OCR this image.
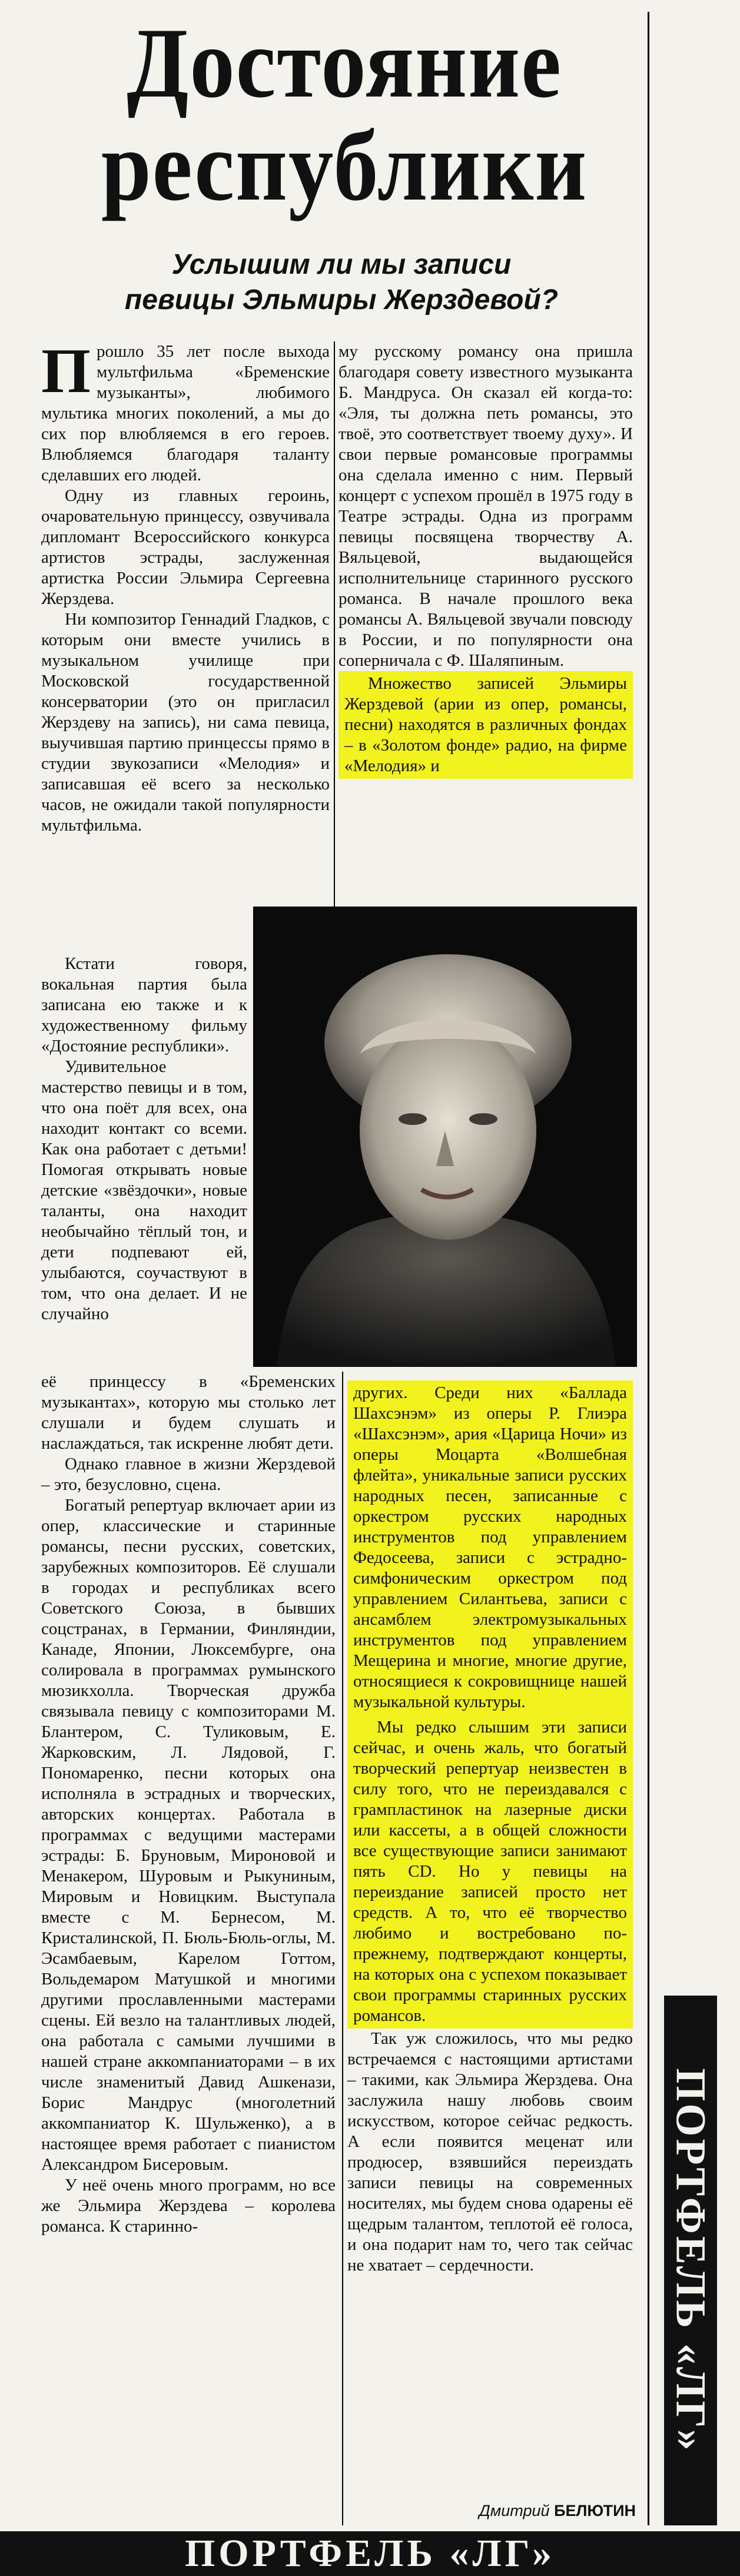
Достояние
республики
Услышим ли мы записи
певицы Эльмиры Жерздевой?

Прошло 35 лет после выхода мультфильма «Бременские музыканты», любимого мультика многих поколений, а мы до сих пор влюбляемся в его героев. Влюбляемся благодаря таланту сделавших его людей.

Одну из главных героинь, очаровательную принцессу, озвучивала дипломант Всероссийского конкурса артистов эстрады, заслуженная артистка России Эльмира Сергеевна Жерздева.

Ни композитор Геннадий Гладков, с которым они вместе учились в музыкальном училище при Московской государственной консерватории (это он пригласил Жерздеву на запись), ни сама певица, выучившая партию принцессы прямо в студии звукозаписи «Мелодия» и записавшая её всего за несколько часов, не ожидали такой популярности мультфильма.

му русскому романсу она пришла благодаря совету известного музыканта Б. Мандруса. Он сказал ей когда-то: «Эля, ты должна петь романсы, это твоё, это соответствует твоему духу». И свои первые романсовые программы она сделала именно с ним. Первый концерт с успехом прошёл в 1975 году в Театре эстрады. Одна из программ певицы посвящена творчеству А. Вяльцевой, выдающейся исполнительнице старинного русского романса. В начале прошлого века романсы А. Вяльцевой звучали повсюду в России, и по популярности она соперничала с Ф. Шаляпиным.

Множество записей Эльмиры Жерздевой (арии из опер, романсы, песни) находятся в различных фондах – в «Золотом фонде» радио, на фирме «Мелодия» и

Кстати говоря, вокальная партия была записана ею также и к художественному фильму «Достояние республики».

Удивительное мастерство певицы и в том, что она поёт для всех, она находит контакт со всеми. Как она работает с детьми! Помогая открывать новые детские «звёздочки», новые таланты, она находит необычайно тёплый тон, и дети подпевают ей, улыбаются, соучаствуют в том, что она делает. И не случайно

её принцессу в «Бременских музыкантах», которую мы столько лет слушали и будем слушать и наслаждаться, так искренне любят дети.

Однако главное в жизни Жерздевой – это, безусловно, сцена.

Богатый репертуар включает арии из опер, классические и старинные романсы, песни русских, советских, зарубежных композиторов. Её слушали в городах и республиках всего Советского Союза, в бывших соцстранах, в Германии, Финляндии, Канаде, Японии, Люксембурге, она солировала в программах румынского мюзикхолла. Творческая дружба связывала певицу с композиторами М. Блантером, С. Туликовым, Е. Жарковским, Л. Лядовой, Г. Пономаренко, песни которых она исполняла в эстрадных и творческих, авторских концертах. Работала в программах с ведущими мастерами эстрады: Б. Бруновым, Мироновой и Менакером, Шуровым и Рыкуниным, Мировым и Новицким. Выступала вместе с М. Бернесом, М. Кристалинской, П. Бюль-Бюль-оглы, М. Эсамбаевым, Карелом Готтом, Вольдемаром Матушкой и многими другими прославленными мастерами сцены. Ей везло на талантливых людей, она работала с самыми лучшими в нашей стране аккомпаниаторами – в их числе знаменитый Давид Ашкенази, Борис Мандрус (многолетний аккомпаниатор К. Шульженко), а в настоящее время работает с пианистом Александром Бисеровым.

У неё очень много программ, но все же Эльмира Жерздева – королева романса. К старинно-

других. Среди них «Баллада Шахсэнэм» из оперы Р. Глиэра «Шахсэнэм», ария «Царица Ночи» из оперы Моцарта «Волшебная флейта», уникальные записи русских народных песен, записанные с оркестром русских народных инструментов под управлением Федосеева, записи с эстрадно-симфоническим оркестром под управлением Силантьева, записи с ансамблем электромузыкальных инструментов под управлением Мещерина и многие, многие другие, относящиеся к сокровищнице нашей музыкальной культуры.

Мы редко слышим эти записи сейчас, и очень жаль, что богатый творческий репертуар неизвестен в силу того, что не переиздавался с грампластинок на лазерные диски или кассеты, а в общей сложности все существующие записи занимают пять CD. Но у певицы на переиздание записей просто нет средств. А то, что её творчество любимо и востребовано по-прежнему, подтверждают концерты, на которых она с успехом показывает свои программы старинных русских романсов.

Так уж сложилось, что мы редко встречаемся с настоящими артистами – такими, как Эльмира Жерздева. Она заслужила нашу любовь своим искусством, которое сейчас редкость. А если появится меценат или продюсер, взявшийся переиздать записи певицы на современных носителях, мы будем снова одарены её щедрым талантом, теплотой её голоса, и она подарит нам то, чего так сейчас не хватает – сердечности.

Дмитрий БЕЛЮТИН
ПОРТФЕЛЬ «ЛГ»
ПОРТФЕЛЬ «ЛГ»
